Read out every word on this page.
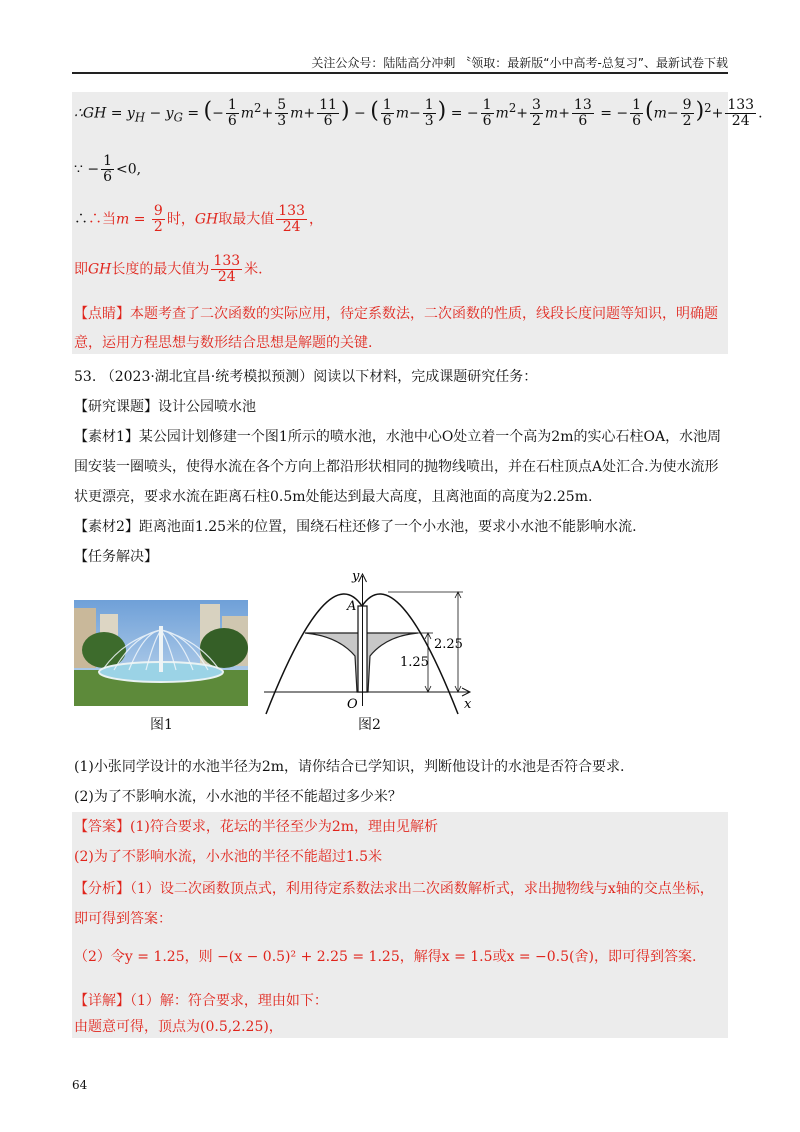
关注公众号：陆陆高分冲刺 〝领取：最新版“小中高考-总复习”、最新试卷下载
∴GH = $y_H - y_G$ = (− $\frac{1}{6} m^2+ \frac{5}{3} m+ \frac{11}{6}$ ) − ( $\frac{1}{6} m- \frac{1}{3}$ ) = − $\frac{1}{6} m^2+ \frac{3}{2} m+ \frac{13}{6}$ = − $\frac{1}{6} (m- \frac{9}{2} )^2+ \frac{133}{24}$ .
∵ − $\frac{1}{6} <0$,
∴∴当$m = \frac{9}{2}$ 时，GH取最大值 $\frac{133}{24}$ ，
即GH长度的最大值为 $\frac{133}{24}$ 米.
【点睛】本题考查了二次函数的实际应用，待定系数法，二次函数的性质，线段长度问题等知识，明确题
意，运用方程思想与数形结合思想是解题的关键.
53. （2023·湖北宜昌·统考模拟预测）阅读以下材料，完成课题研究任务：
【研究课题】设计公园喷水池
【素材1】某公园计划修建一个图1所示的喷水池，水池中心O处立着一个高为2m的实心石柱OA，水池周
围安装一圈喷头，使得水流在各个方向上都沿形状相同的抛物线喷出，并在石柱顶点A处汇合.为使水流形
状更漂亮，要求水流在距离石柱0.5m处能达到最大高度，且离池面的高度为2.25m.
【素材2】距离池面1.25米的位置，围绕石柱还修了一个小水池，要求小水池不能影响水流.
【任务解决】
图1
y
x
A
O
2.25
1.25
图2
(1)小张同学设计的水池半径为2m，请你结合已学知识，判断他设计的水池是否符合要求.
(2)为了不影响水流，小水池的半径不能超过多少米？
【答案】(1)符合要求，花坛的半径至少为2m，理由见解析
(2)为了不影响水流，小水池的半径不能超过1.5米
【分析】（1）设二次函数顶点式，利用待定系数法求出二次函数解析式，求出抛物线与x轴的交点坐标，
即可得到答案：
（2）令y = 1.25，则 −(x − 0.5)² + 2.25 = 1.25，解得x = 1.5或x = −0.5(舍)，即可得到答案.
【详解】（1）解：符合要求，理由如下：
由题意可得，顶点为(0.5,2.25)，
64
